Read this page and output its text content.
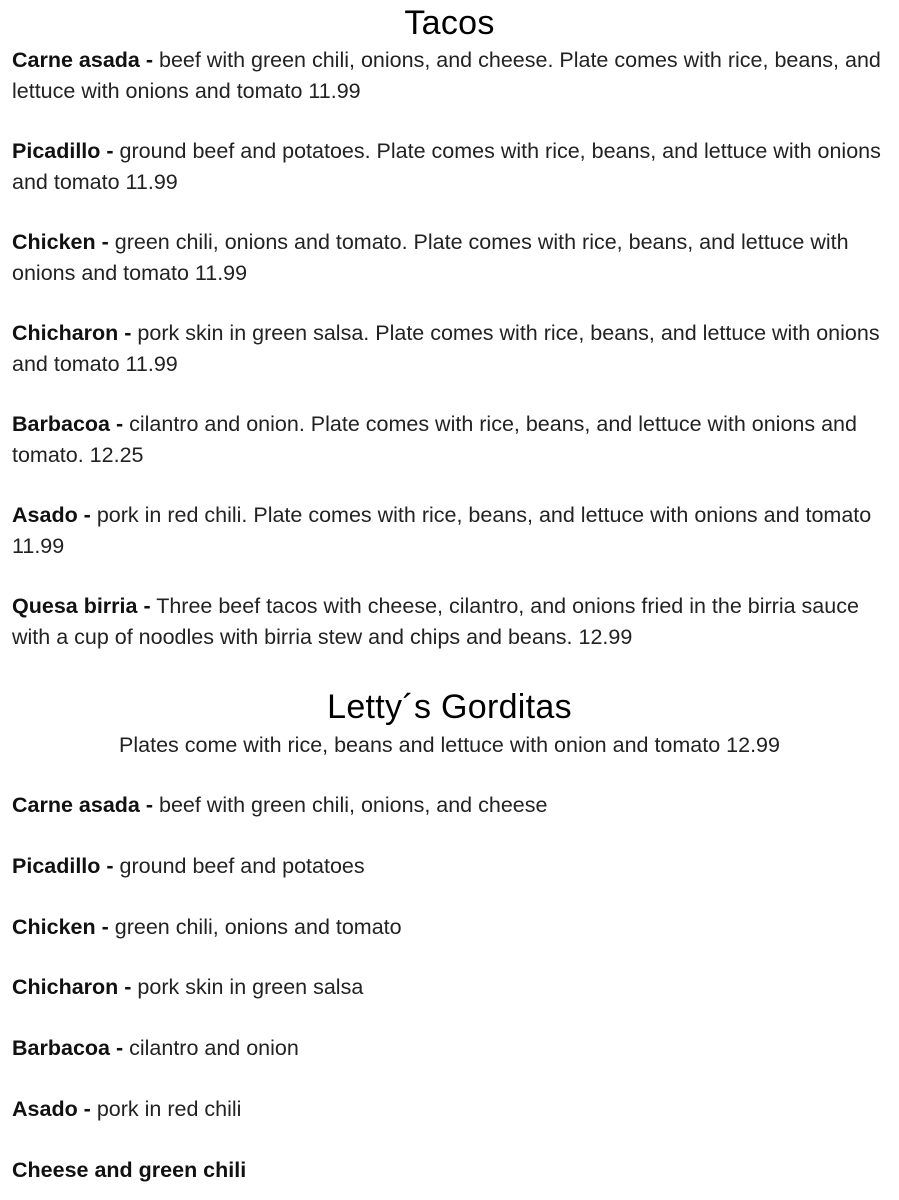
Tacos

Carne asada - beef with green chili, onions, and cheese. Plate comes with rice, beans, and lettuce with onions and tomato 11.99

Picadillo - ground beef and potatoes. Plate comes with rice, beans, and lettuce with onions and tomato 11.99

Chicken - green chili, onions and tomato. Plate comes with rice, beans, and lettuce with onions and tomato 11.99

Chicharon - pork skin in green salsa. Plate comes with rice, beans, and lettuce with onions and tomato 11.99

Barbacoa - cilantro and onion. Plate comes with rice, beans, and lettuce with onions and tomato. 12.25

Asado - pork in red chili. Plate comes with rice, beans, and lettuce with onions and tomato 11.99

Quesa birria - Three beef tacos with cheese, cilantro, and onions fried in the birria sauce with a cup of noodles with birria stew and chips and beans. 12.99

Letty´s Gorditas
Plates come with rice, beans and lettuce with onion and tomato 12.99

Carne asada - beef with green chili, onions, and cheese

Picadillo - ground beef and potatoes

Chicken - green chili, onions and tomato

Chicharon - pork skin in green salsa

Barbacoa - cilantro and onion

Asado - pork in red chili

Cheese and green chili
